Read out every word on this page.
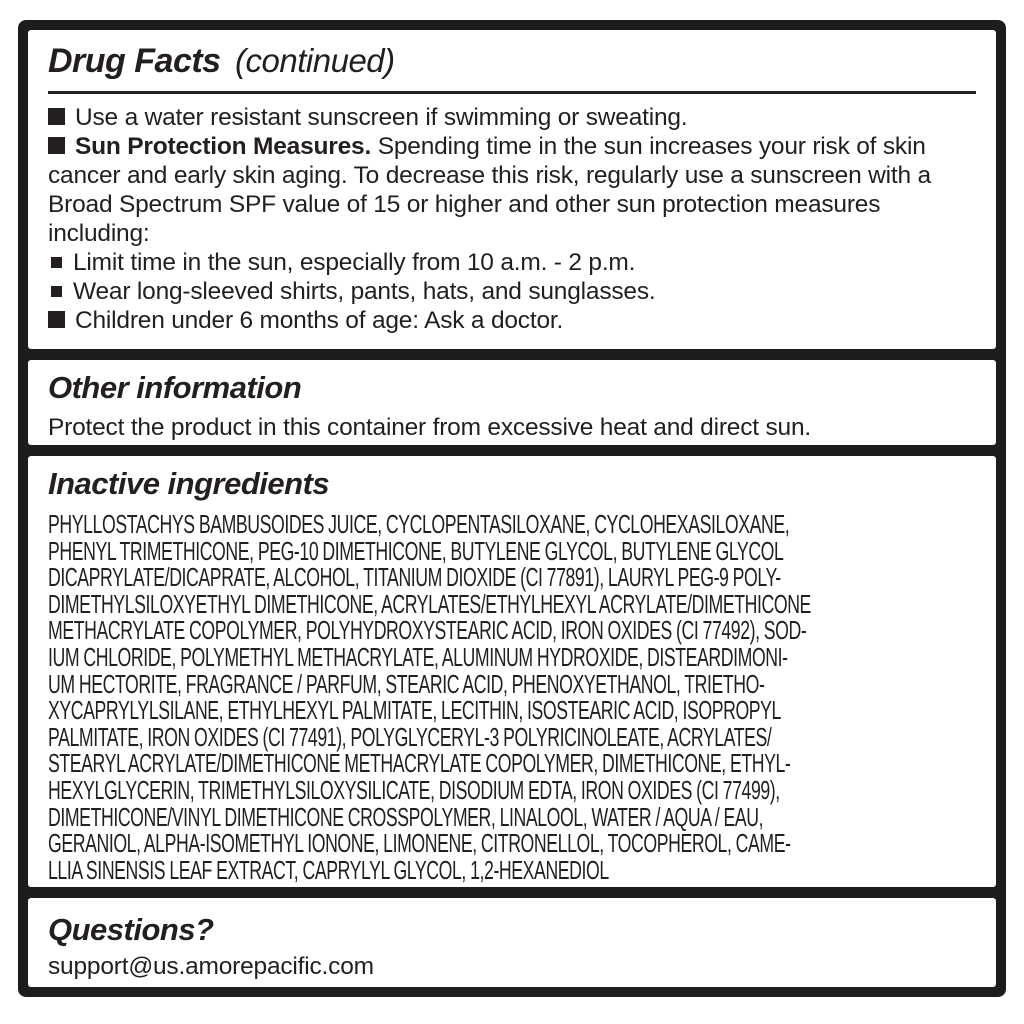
Drug Facts (continued)

Use a water resistant sunscreen if swimming or sweating.

Sun Protection Measures. Spending time in the sun increases your risk of skin cancer and early skin aging. To decrease this risk, regularly use a sunscreen with a Broad Spectrum SPF value of 15 or higher and other sun protection measures including:

Limit time in the sun, especially from 10 a.m. - 2 p.m.

Wear long-sleeved shirts, pants, hats, and sunglasses.

Children under 6 months of age: Ask a doctor.

Other information

Protect the product in this container from excessive heat and direct sun.

Inactive ingredients
PHYLLOSTACHYS BAMBUSOIDES JUICE, CYCLOPENTASILOXANE, CYCLOHEXASILOXANE,
PHENYL TRIMETHICONE, PEG-10 DIMETHICONE, BUTYLENE GLYCOL, BUTYLENE GLYCOL
DICAPRYLATE/DICAPRATE, ALCOHOL, TITANIUM DIOXIDE (CI 77891), LAURYL PEG-9 POLY-
DIMETHYLSILOXYETHYL DIMETHICONE, ACRYLATES/ETHYLHEXYL ACRYLATE/DIMETHICONE
METHACRYLATE COPOLYMER, POLYHYDROXYSTEARIC ACID, IRON OXIDES (CI 77492), SOD-
IUM CHLORIDE, POLYMETHYL METHACRYLATE, ALUMINUM HYDROXIDE, DISTEARDIMONI-
UM HECTORITE, FRAGRANCE / PARFUM, STEARIC ACID, PHENOXYETHANOL, TRIETHO-
XYCAPRYLYLSILANE, ETHYLHEXYL PALMITATE, LECITHIN, ISOSTEARIC ACID, ISOPROPYL
PALMITATE, IRON OXIDES (CI 77491), POLYGLYCERYL-3 POLYRICINOLEATE, ACRYLATES/
STEARYL ACRYLATE/DIMETHICONE METHACRYLATE COPOLYMER, DIMETHICONE, ETHYL-
HEXYLGLYCERIN, TRIMETHYLSILOXYSILICATE, DISODIUM EDTA, IRON OXIDES (CI 77499),
DIMETHICONE/VINYL DIMETHICONE CROSSPOLYMER, LINALOOL, WATER / AQUA / EAU,
GERANIOL, ALPHA-ISOMETHYL IONONE, LIMONENE, CITRONELLOL, TOCOPHEROL, CAME-
LLIA SINENSIS LEAF EXTRACT, CAPRYLYL GLYCOL, 1,2-HEXANEDIOL
Questions?

support@us.amorepacific.com
